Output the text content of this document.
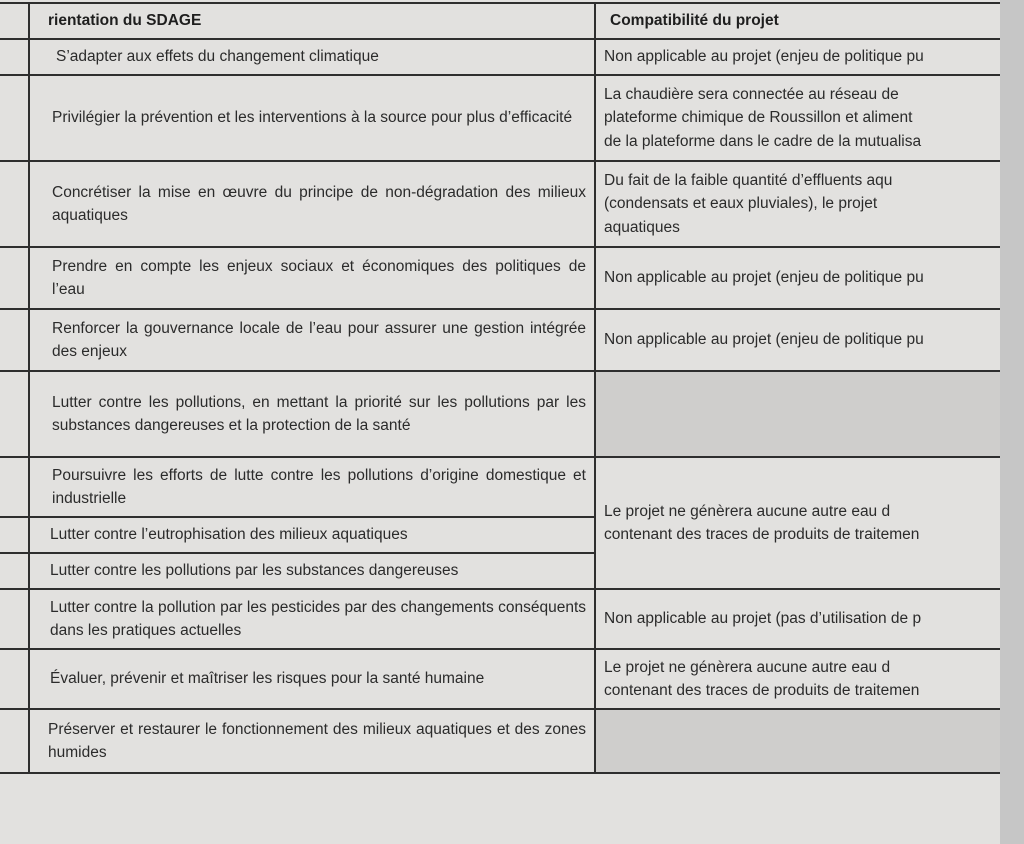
	rientation du SDAGE	Compatibilité du projet
	S’adapter aux effets du changement climatique	Non applicable au projet (enjeu de politique pu

	Privilégier la prévention et les interventions à la source pour plus d’efficacité	La chaudière sera connectée au réseau de
plateforme chimique de Roussillon et aliment
de la plateforme dans le cadre de la mutualisa

	Concrétiser la mise en œuvre du principe de non-dégradation des milieux aquatiques	Du fait de la faible quantité d’effluents aqu
(condensats et eaux pluviales), le projet
aquatiques

	Prendre en compte les enjeux sociaux et économiques des politiques de l’eau	Non applicable au projet (enjeu de politique pu

	Renforcer la gouvernance locale de l’eau pour assurer une gestion intégrée des enjeux	Non applicable au projet (enjeu de politique pu

	Lutter contre les pollutions, en mettant la priorité sur les pollutions par les substances dangereuses et la protection de la santé	
	Poursuivre les efforts de lutte contre les pollutions d’origine domestique et industrielle	Le projet ne génèrera aucune autre eau d
contenant des traces de produits de traitemen

	Lutter contre l’eutrophisation des milieux aquatiques	
	Lutter contre les pollutions par les substances dangereuses	
	Lutter contre la pollution par les pesticides par des changements conséquents dans les pratiques actuelles	Non applicable au projet (pas d’utilisation de p

	Évaluer, prévenir et maîtriser les risques pour la santé humaine	Le projet ne génèrera aucune autre eau d
contenant des traces de produits de traitemen

	Préserver et restaurer le fonctionnement des milieux aquatiques et des zones humides	
